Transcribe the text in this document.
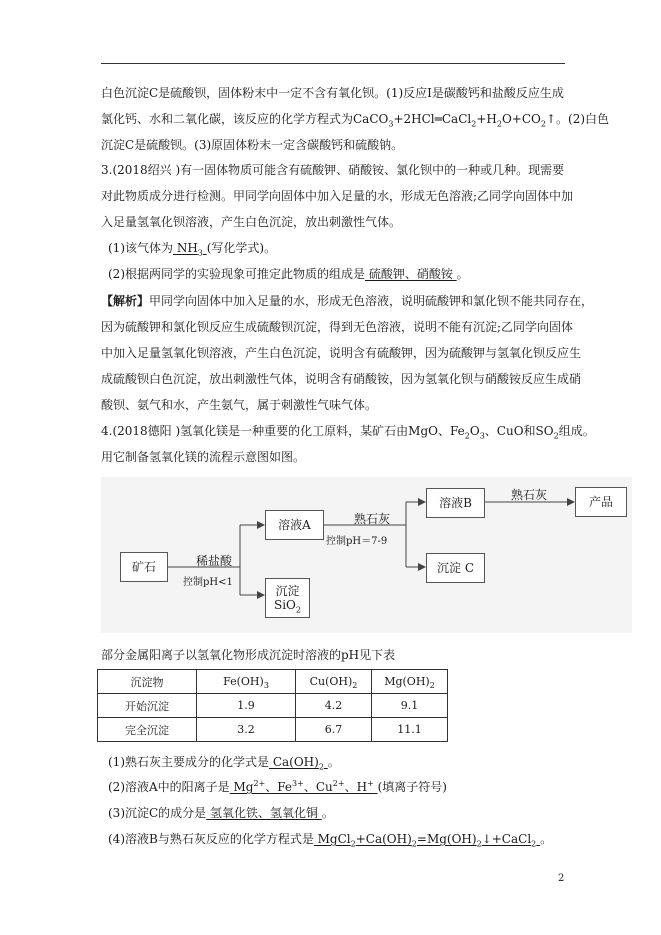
白色沉淀C是硫酸钡，固体粉末中一定不含有氧化钡。(1)反应Ⅰ是碳酸钙和盐酸反应生成
氯化钙、水和二氧化碳，该反应的化学方程式为$CaCO_3+2HCl═CaCl_2+H_2O+CO_2↑$。(2)白色
沉淀C是硫酸钡。(3)原固体粉末一定含碳酸钙和硫酸钠。
3.(2018绍兴 )有一固体物质可能含有硫酸钾、硝酸铵、氯化钡中的一种或几种。现需要
对此物质成分进行检测。甲同学向固体中加入足量的水，形成无色溶液;乙同学向固体中加
入足量氢氧化钡溶液，产生白色沉淀，放出刺激性气体。
(1)该气体为 $NH_3$ (写化学式)。
(2)根据两同学的实验现象可推定此物质的组成是 硫酸钾、硝酸铵 。
【解析】甲同学向固体中加入足量的水，形成无色溶液，说明硫酸钾和氯化钡不能共同存在，
因为硫酸钾和氯化钡反应生成硫酸钡沉淀，得到无色溶液，说明不能有沉淀;乙同学向固体
中加入足量氢氧化钡溶液，产生白色沉淀，说明含有硫酸钾，因为硫酸钾与氢氧化钡反应生
成硫酸钡白色沉淀，放出刺激性气体，说明含有硝酸铵，因为氢氧化钡与硝酸铵反应生成硝
酸钡、氨气和水，产生氨气，属于刺激性气味气体。
4.(2018德阳 )氢氧化镁是一种重要的化工原料，某矿石由MgO、$Fe_2O_3$、CuO和$SO_2$组成。
用它制备氢氧化镁的流程示意图如图。
矿石
溶液A
沉淀
SiO$_2$
溶液B
沉淀 C
产品
稀盐酸
控制pH<1
熟石灰
控制pH＝7-9
熟石灰
部分金属阳离子以氢氧化物形成沉淀时溶液的pH见下表
沉淀物	$Fe(OH)_3$	$Cu(OH)_2$	$Mg(OH)_2$
开始沉淀	1.9	4.2	9.1
完全沉淀	3.2	6.7	11.1
(1)熟石灰主要成分的化学式是 $Ca(OH)_2$ 。
(2)溶液A中的阳离子是 $Mg^{2+}$、$Fe^{3+}$、$Cu^{2+}$、H+ (填离子符号)
(3)沉淀C的成分是 氢氧化铁、氢氧化铜 。
(4)溶液B与熟石灰反应的化学方程式是 $MgCl_2+Ca(OH)_2=Mg(OH)_2↓+CaCl_2$ 。
2
